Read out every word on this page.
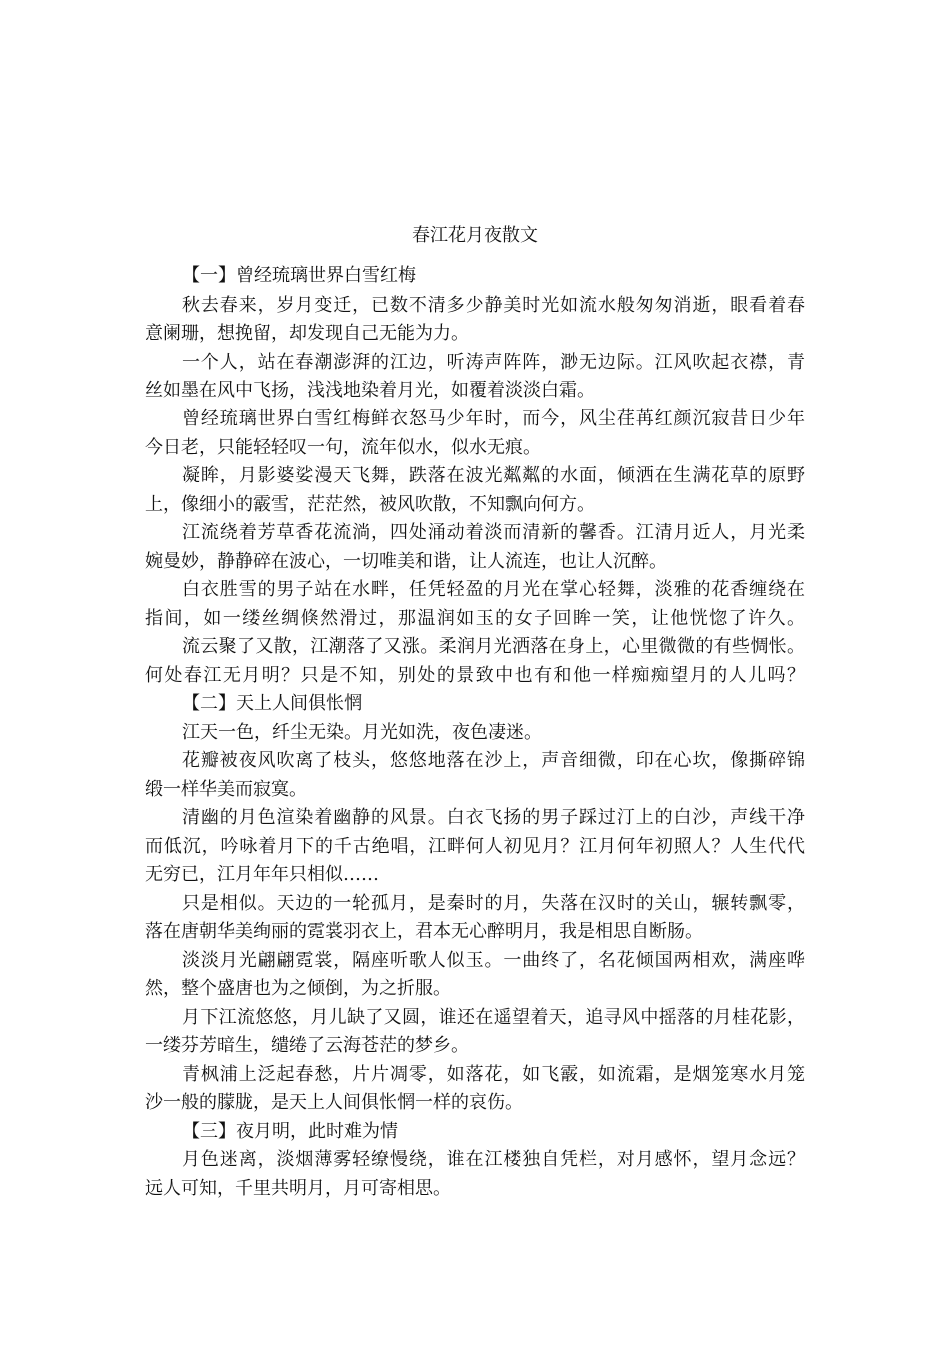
春江花月夜散文
【一】曾经琉璃世界白雪红梅
秋去春来，岁月变迁，已数不清多少静美时光如流水般匆匆消逝，眼看着春
意阑珊，想挽留，却发现自己无能为力。
一个人，站在春潮澎湃的江边，听涛声阵阵，渺无边际。江风吹起衣襟，青
丝如墨在风中飞扬，浅浅地染着月光，如覆着淡淡白霜。
曾经琉璃世界白雪红梅鲜衣怒马少年时，而今，风尘荏苒红颜沉寂昔日少年
今日老，只能轻轻叹一句，流年似水，似水无痕。
凝眸，月影婆娑漫天飞舞，跌落在波光粼粼的水面，倾洒在生满花草的原野
上，像细小的霰雪，茫茫然，被风吹散，不知飘向何方。
江流绕着芳草香花流淌，四处涌动着淡而清新的馨香。江清月近人，月光柔
婉曼妙，静静碎在波心，一切唯美和谐，让人流连，也让人沉醉。
白衣胜雪的男子站在水畔，任凭轻盈的月光在掌心轻舞，淡雅的花香缠绕在
指间，如一缕丝绸倏然滑过，那温润如玉的女子回眸一笑，让他恍惚了许久。
流云聚了又散，江潮落了又涨。柔润月光洒落在身上，心里微微的有些惆怅。
何处春江无月明？只是不知，别处的景致中也有和他一样痴痴望月的人儿吗？
【二】天上人间俱怅惘
江天一色，纤尘无染。月光如洗，夜色凄迷。
花瓣被夜风吹离了枝头，悠悠地落在沙上，声音细微，印在心坎，像撕碎锦
缎一样华美而寂寞。
清幽的月色渲染着幽静的风景。白衣飞扬的男子踩过汀上的白沙，声线干净
而低沉，吟咏着月下的千古绝唱，江畔何人初见月？江月何年初照人？人生代代
无穷已，江月年年只相似……
只是相似。天边的一轮孤月，是秦时的月，失落在汉时的关山，辗转飘零，
落在唐朝华美绚丽的霓裳羽衣上，君本无心醉明月，我是相思自断肠。
淡淡月光翩翩霓裳，隔座听歌人似玉。一曲终了，名花倾国两相欢，满座哗
然，整个盛唐也为之倾倒，为之折服。
月下江流悠悠，月儿缺了又圆，谁还在遥望着天，追寻风中摇落的月桂花影，
一缕芬芳暗生，缱绻了云海苍茫的梦乡。
青枫浦上泛起春愁，片片凋零，如落花，如飞霰，如流霜，是烟笼寒水月笼
沙一般的朦胧，是天上人间俱怅惘一样的哀伤。
【三】夜月明，此时难为情
月色迷离，淡烟薄雾轻缭慢绕，谁在江楼独自凭栏，对月感怀，望月念远？
远人可知，千里共明月，月可寄相思。
